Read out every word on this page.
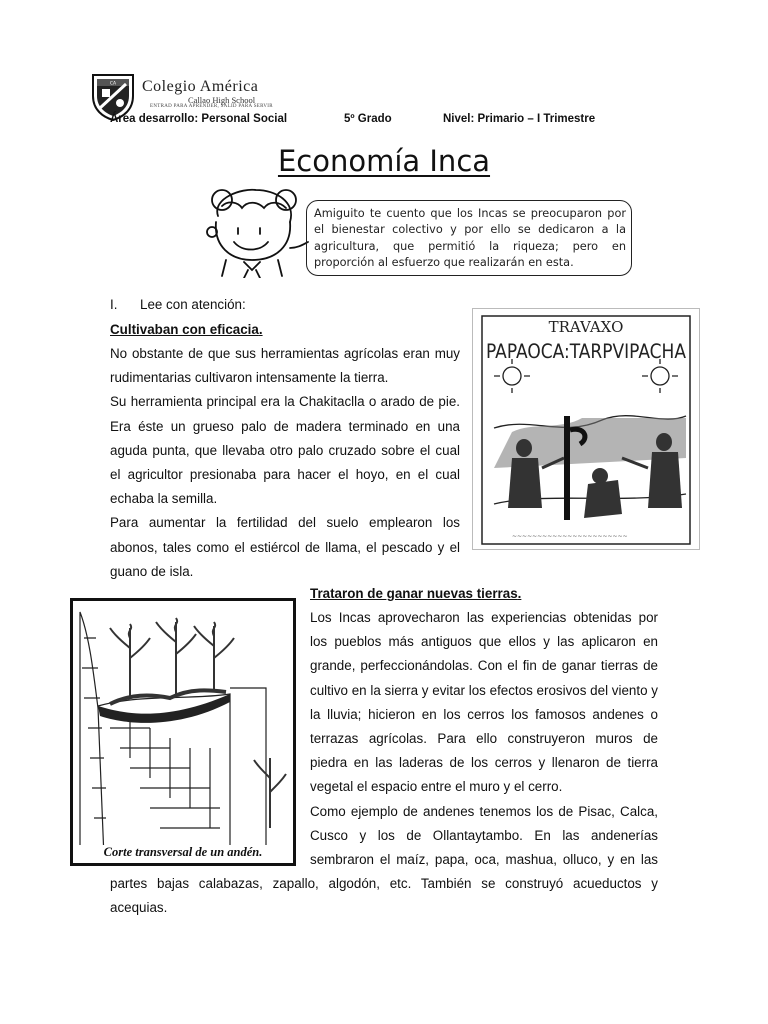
CA Colegio América
Callao High School
ENTRAD PARA APRENDER, SALID PARA SERVIR
Área desarrollo: Personal Social	5º Grado	Nivel: Primario – I Trimestre
Economía Inca
Amiguito te cuento que los Incas se preocuparon por el bienestar colectivo y por ello se dedicaron a la agricultura, que permitió la riqueza; pero en proporción al esfuerzo que realizarán en esta.
I. Lee con atención:
Cultivaban con eficacia.
No obstante de que sus herramientas agrícolas eran muy rudimentarias cultivaron intensamente la tierra.
Su herramienta principal era la Chakitaclla o arado de pie. Era éste un grueso palo de madera terminado en una aguda punta, que llevaba otro palo cruzado sobre el cual el agricultor presionaba para hacer el hoyo, en el cual echaba la semilla.
Para aumentar la fertilidad del suelo emplearon los abonos, tales como el estiércol de llama, el pescado y el guano de isla.
TRAVAXO
PAPAOCA:TARPVIPACHA
~~~~~~~~~~~~~~~~~~~~~~~
Trataron de ganar nuevas tierras.
Los Incas aprovecharon las experiencias obtenidas por los pueblos más antiguos que ellos y las aplicaron en grande, perfeccionándolas. Con el fin de ganar tierras de cultivo en la sierra y evitar los efectos erosivos del viento y la lluvia; hicieron en los cerros los famosos andenes o terrazas agrícolas. Para ello construyeron muros de piedra en las laderas de los cerros y llenaron de tierra vegetal el espacio entre el muro y el cerro.
Como ejemplo de andenes tenemos los de Pisac, Calca, Cusco y los de Ollantaytambo. En las andenerías sembraron el maíz, papa, oca, mashua, olluco, y en las
partes bajas calabazas, zapallo, algodón, etc. También se construyó acueductos y acequias.
Corte transversal de un andén.
